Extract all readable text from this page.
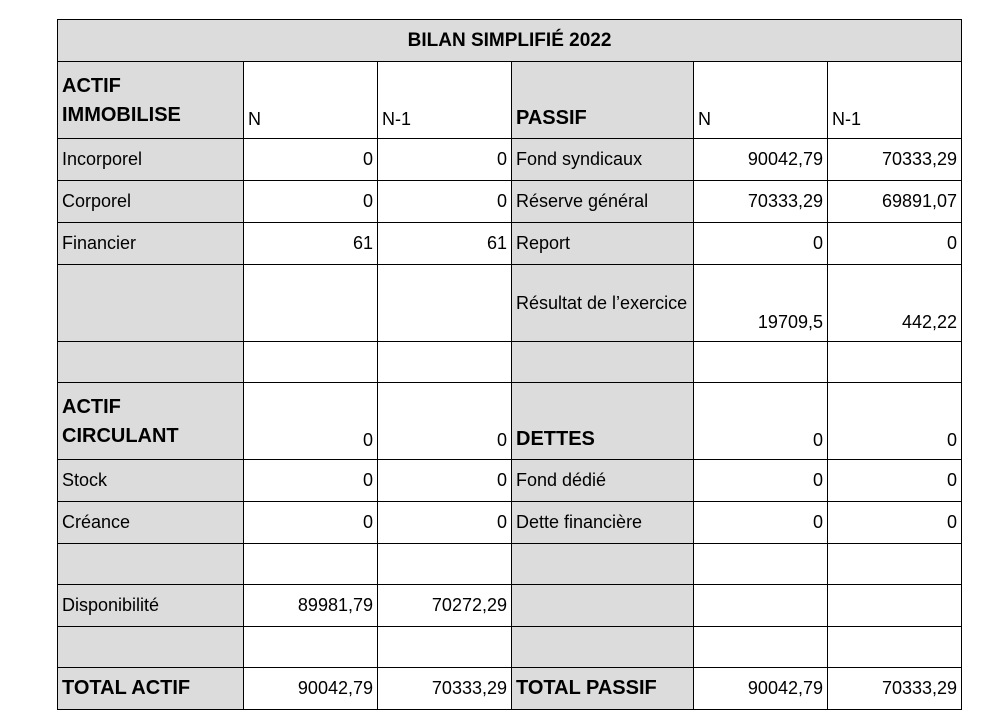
BILAN SIMPLIFIÉ 2022					
ACTIF IMMOBILISE	N	N-1	PASSIF	N	N-1
Incorporel	0	0	Fond syndicaux	90042,79	70333,29
Corporel	0	0	Réserve général	70333,29	69891,07
Financier	61	61	Report	0	0
			Résultat de l’exercice	19709,5	442,22

ACTIF CIRCULANT	0	0	DETTES	0	0
Stock	0	0	Fond dédié	0	0
Créance	0	0	Dette financière	0	0

Disponibilité	89981,79	70272,29			

TOTAL ACTIF	90042,79	70333,29	TOTAL PASSIF	90042,79	70333,29
